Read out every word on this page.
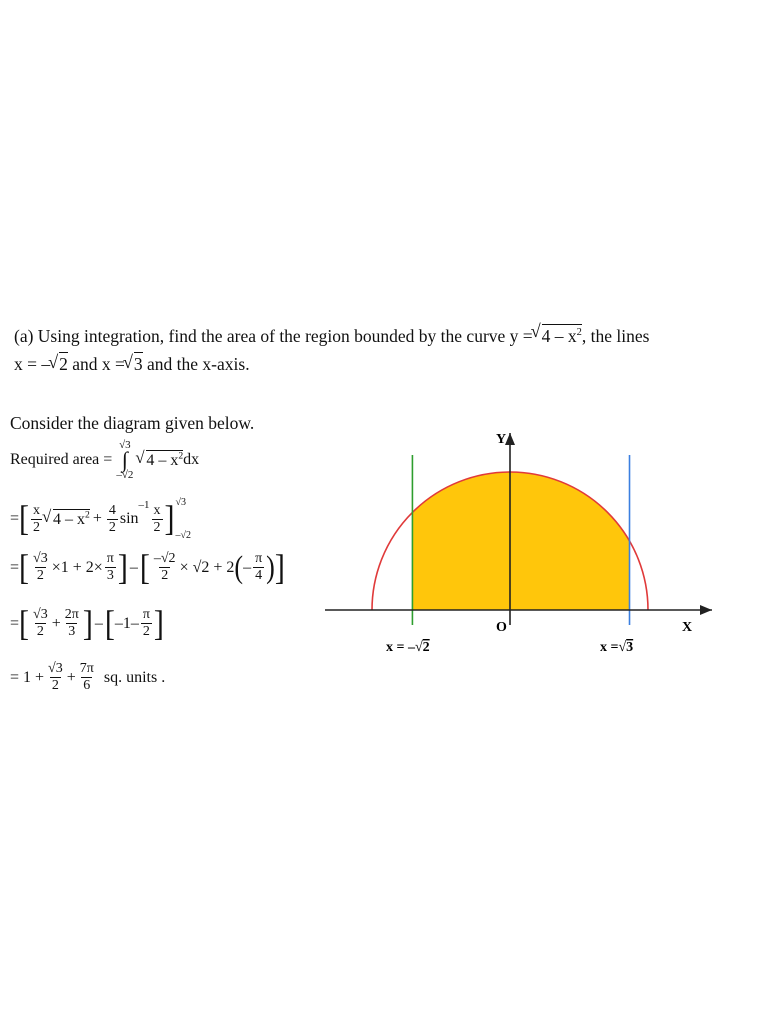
(a) Using integration, find the area of the region bounded by the curve y = √ $4 - x^2$, the lines
x = – √ 2 and x = √ 3 and the x-axis.
Consider the diagram given below.
Required area =
√3
∫
–√2
√ $4 - x^2$ dx
= [ $\frac{x}{2}$ √ $4 - x^2 + \frac{4}{2}$ sin
$^{-1} \frac{x}{2}$ ] √3
–√2
= [ $\frac{√3}{2} \times 1 + 2\times \frac{\pi}{3}$ ] – [ $\frac{-√2}{2} \times √2 + 2$ ( – $\frac{\pi}{4}$ ) ]
= [ $\frac{√3}{2} + \frac{2\pi}{3}$ ] – [ $-1- \frac{\pi}{2}$ ]
= $1 + \frac{√3}{2} + \frac{7\pi}{6}$ sq. units .
Y
X
O
x = –√2	x =√3
